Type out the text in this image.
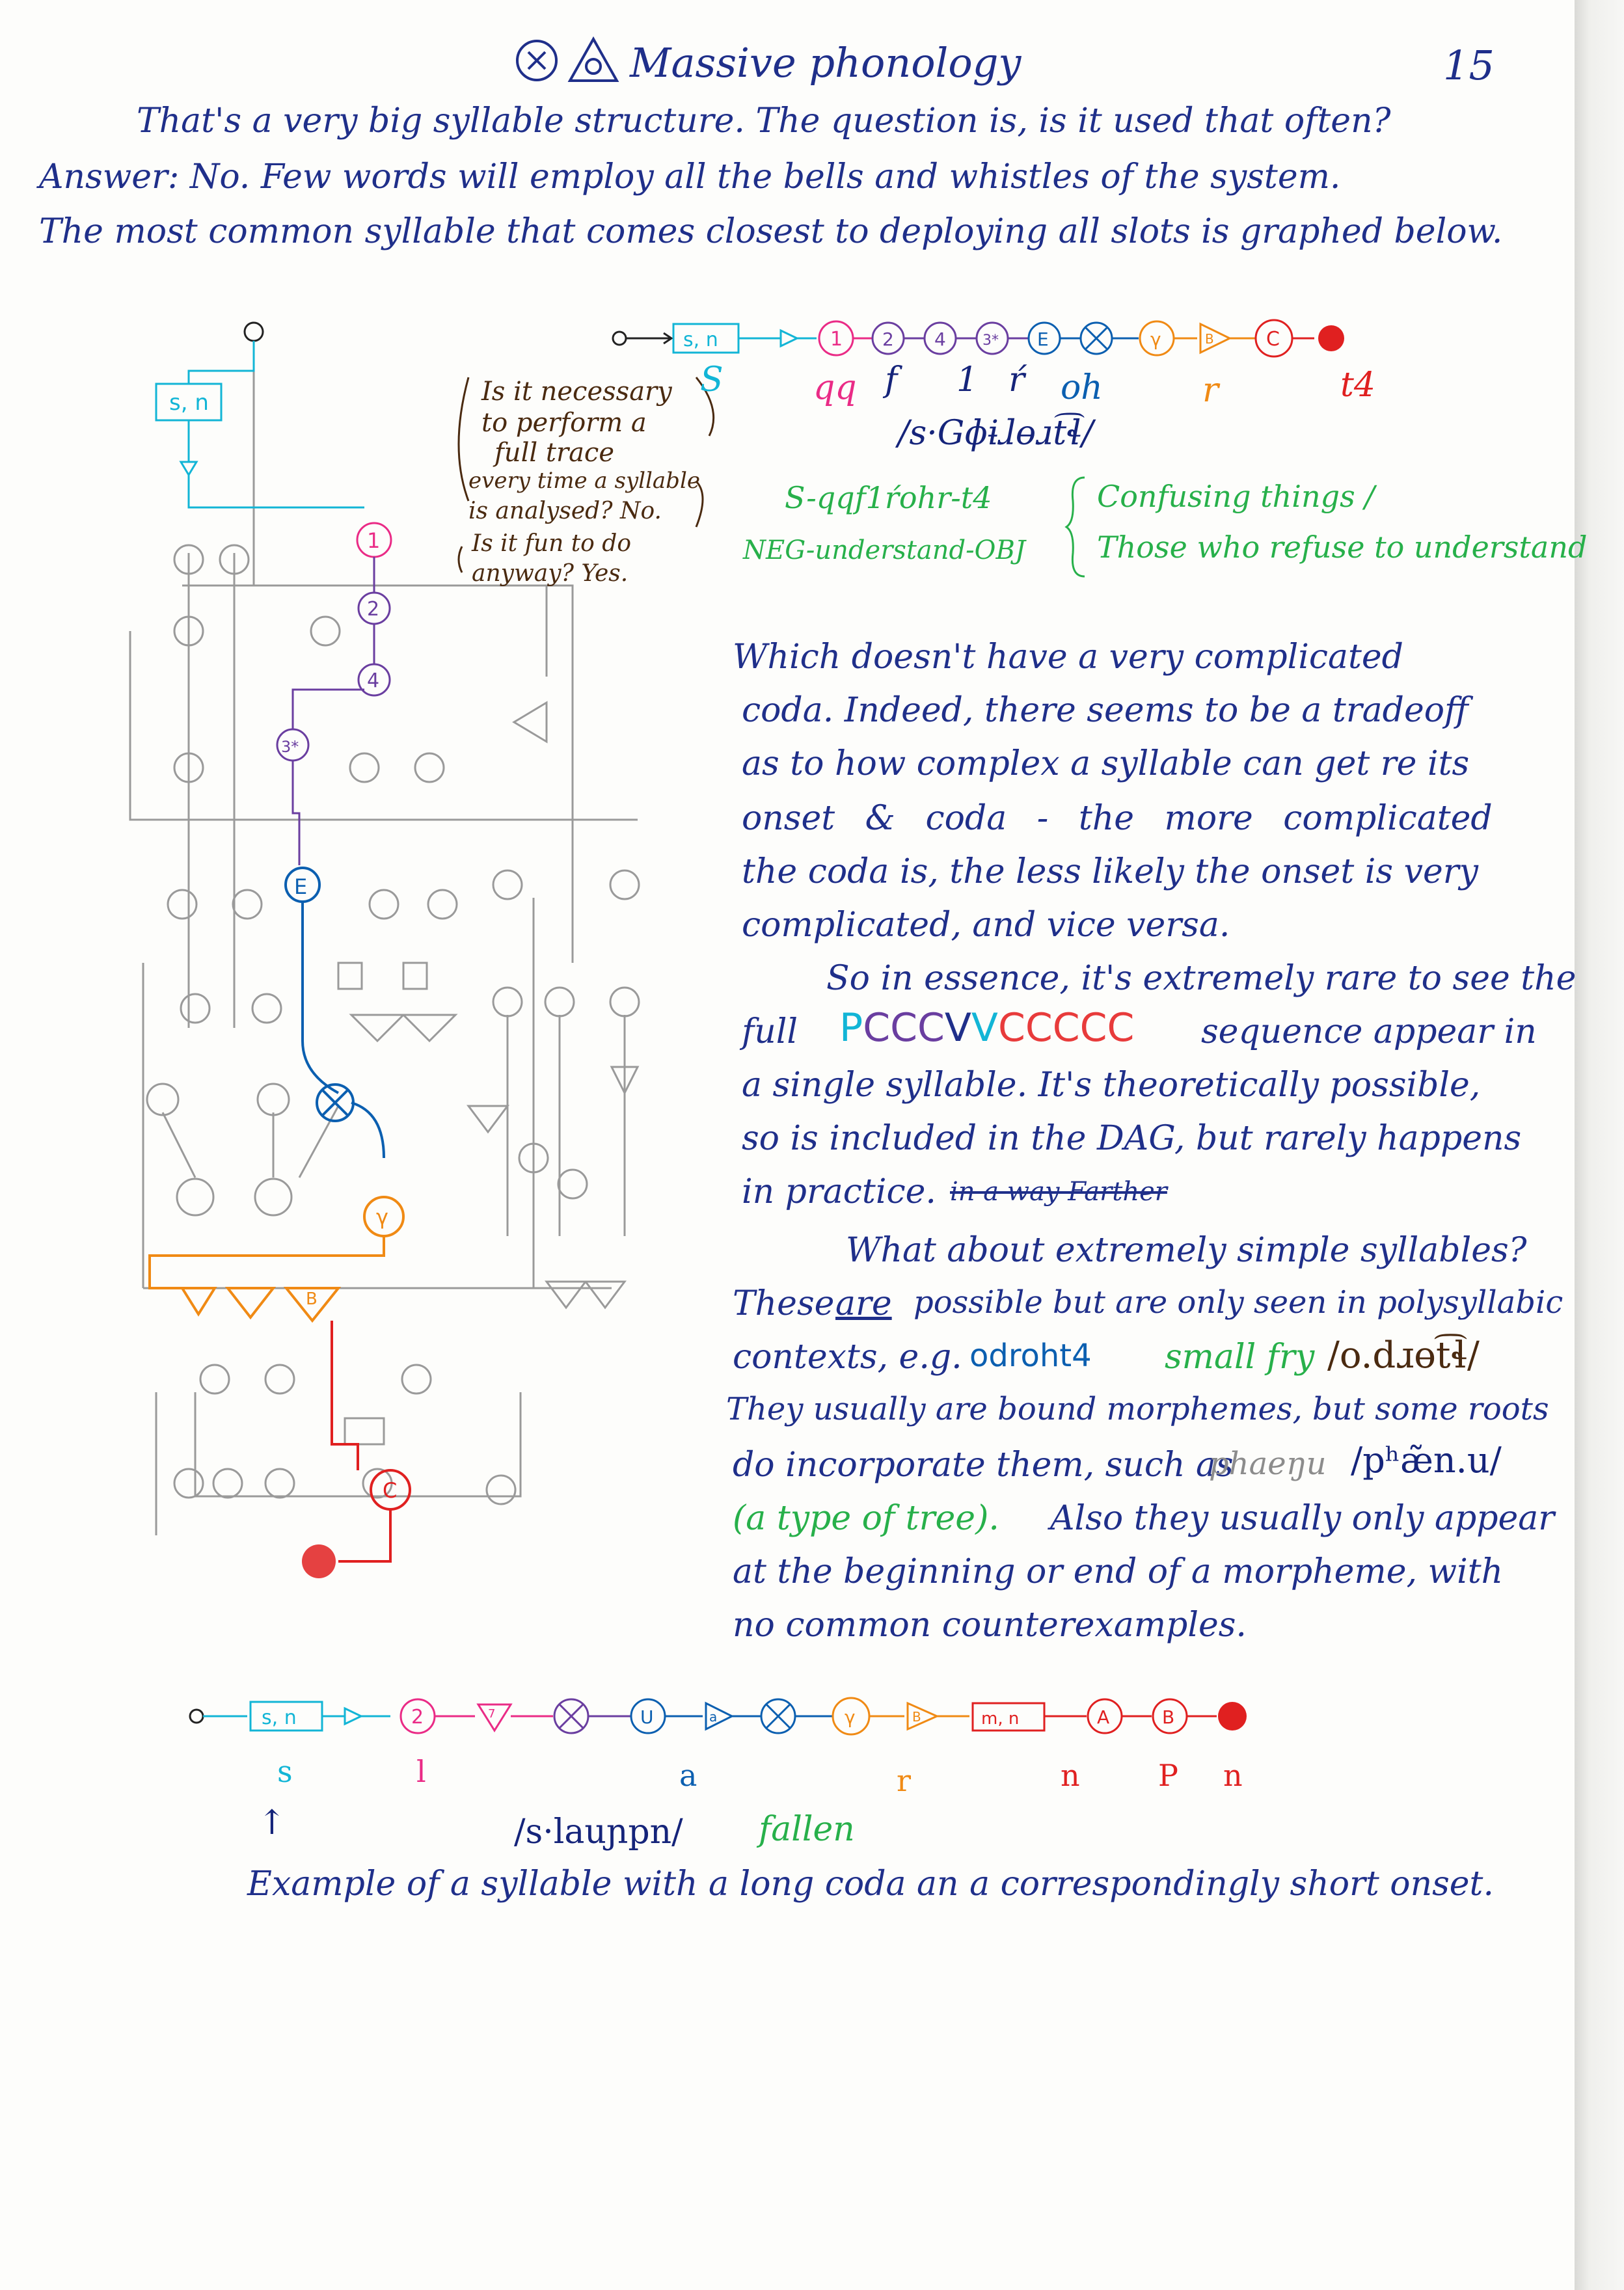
Massive phonology	15
That's a very big syllable structure. The question is, is it used that often?
Answer: No. Few words will employ all the bells and whistles of the system.
The most common syllable that comes closest to deploying all slots is graphed below.
s, n
1
2
4
3*
E
γ
B
C
Is it necessary
to perform a
full trace
every time a syllable
is analysed? No.
Is it fun to do
anyway? Yes.
s, n	1 2 4	3* E	γ	B	C
S	qq f 1 ŕ oh	r	t4
/s·Gɸɨɺɵɹt͡ɬ/
S-qqf1ŕohr-t4
NEG-understand-OBJ
Confusing things /
Those who refuse to understand
Which doesn't have a very complicated
coda. Indeed, there seems to be a tradeoff
as to how complex a syllable can get re its
onset & coda - the more complicated
the coda is, the less likely the onset is very
complicated, and vice versa.
So in essence, it's extremely rare to see the
full PCCCVVCCCCC sequence appear in
a single syllable. It's theoretically possible,
so is included in the DAG, but rarely happens
in practice. in a way Farther
What about extremely simple syllables?
These are possible but are only seen in polysyllabic
contexts, e.g. odroht4 small fry /o.dɹɵt͡ɬ/
They usually are bound morphemes, but some roots
do incorporate them, such as
phaeŋu /pʰæ̃n.u/
(a type of tree). Also they usually only appear
at the beginning or end of a morpheme, with
no common counterexamples.
s, n	2	7	U	a	γ	B	m, n	A	B
s	l	a	r	n	P n
↑	/s·lauɲpn/ fallen
Example of a syllable with a long coda an a correspondingly short onset.
